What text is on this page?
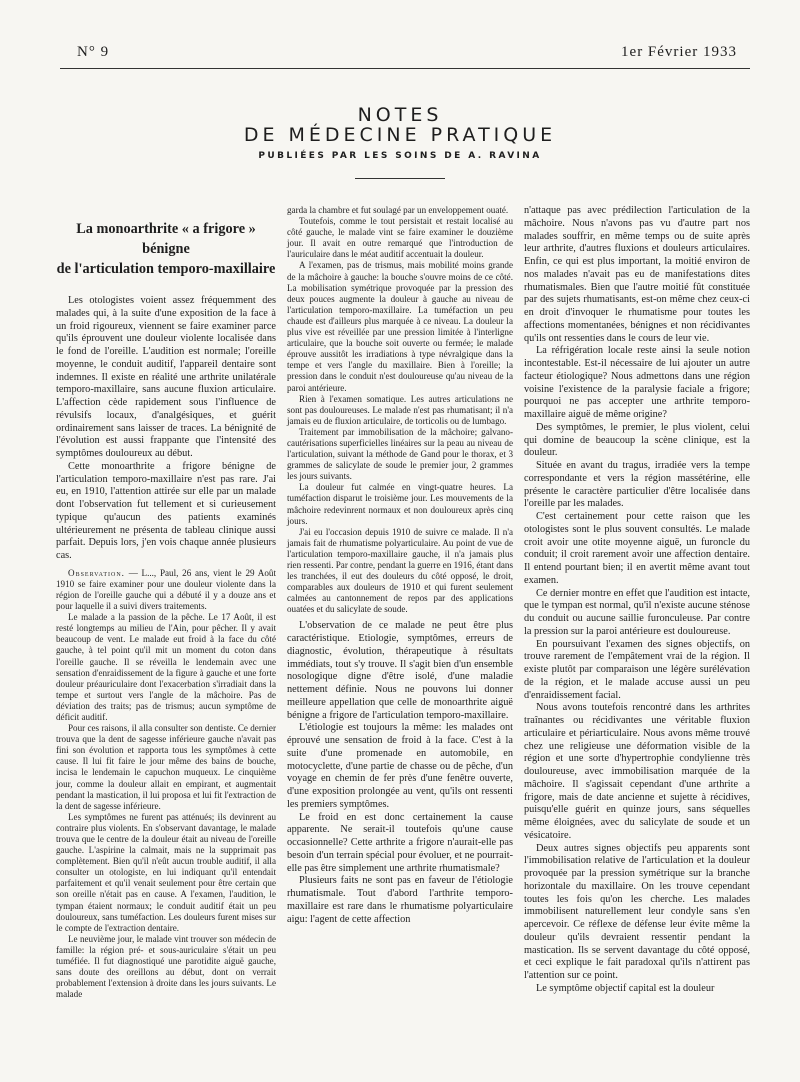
N° 9	1er Février 1933
NOTES
DE MÉDECINE PRATIQUE
PUBLIÉES PAR LES SOINS DE A. RAVINA
La monoarthrite « a frigore » bénigne
de l'articulation temporo-maxillaire

Les otologistes voient assez fréquemment des malades qui, à la suite d'une exposition de la face à un froid rigoureux, viennent se faire examiner parce qu'ils éprouvent une douleur violente localisée dans le fond de l'oreille. L'audition est normale; l'oreille moyenne, le conduit auditif, l'appareil dentaire sont indemnes. Il existe en réalité une arthrite unilatérale temporo-maxillaire, sans aucune fluxion articulaire. L'affection cède rapidement sous l'influence de révulsifs locaux, d'analgésiques, et guérit ordinairement sans laisser de traces. La bénignité de l'évolution est aussi frappante que l'intensité des symptômes douloureux au début.

Cette monoarthrite a frigore bénigne de l'articulation temporo-maxillaire n'est pas rare. J'ai eu, en 1910, l'attention attirée sur elle par un malade dont l'observation fut tellement et si curieusement typique qu'aucun des patients examinés ultérieurement ne présenta de tableau clinique aussi parfait. Depuis lors, j'en vois chaque année plusieurs cas.

Observation. — L..., Paul, 26 ans, vient le 29 Août 1910 se faire examiner pour une douleur violente dans la région de l'oreille gauche qui a débuté il y a douze ans et pour laquelle il a suivi divers traitements.

Le malade a la passion de la pêche. Le 17 Août, il est resté longtemps au milieu de l'Ain, pour pêcher. Il y avait beaucoup de vent. Le malade eut froid à la face du côté gauche, à tel point qu'il mit un moment du coton dans l'oreille gauche. Il se réveilla le lendemain avec une sensation d'enraidissement de la figure à gauche et une forte douleur préauriculaire dont l'exacerbation s'irradiait dans la tempe et surtout vers l'angle de la mâchoire. Pas de déviation des traits; pas de trismus; aucun symptôme de déficit auditif.

Pour ces raisons, il alla consulter son dentiste. Ce dernier trouva que la dent de sagesse inférieure gauche n'avait pas fini son évolution et rapporta tous les symptômes à cette cause. Il lui fit faire le jour même des bains de bouche, incisa le lendemain le capuchon muqueux. Le cinquième jour, comme la douleur allait en empirant, et augmentait pendant la mastication, il lui proposa et lui fit l'extraction de la dent de sagesse inférieure.

Les symptômes ne furent pas atténués; ils devinrent au contraire plus violents. En s'observant davantage, le malade trouva que le centre de la douleur était au niveau de l'oreille gauche. L'aspirine la calmait, mais ne la supprimait pas complètement. Bien qu'il n'eût aucun trouble auditif, il alla consulter un otologiste, en lui indiquant qu'il entendait parfaitement et qu'il venait seulement pour être certain que son oreille n'était pas en cause. A l'examen, l'audition, le tympan étaient normaux; le conduit auditif était un peu douloureux, sans tuméfaction. Les douleurs furent mises sur le compte de l'extraction dentaire.

Le neuvième jour, le malade vint trouver son médecin de famille: la région pré- et sous-auriculaire s'était un peu tuméfiée. Il fut diagnostiqué une parotidite aiguë gauche, sans doute des oreillons au début, dont on verrait probablement l'extension à droite dans les jours suivants. Le malade

garda la chambre et fut soulagé par un enveloppement ouaté.

Toutefois, comme le tout persistait et restait localisé au côté gauche, le malade vint se faire examiner le douzième jour. Il avait en outre remarqué que l'introduction de l'auriculaire dans le méat auditif accentuait la douleur.

A l'examen, pas de trismus, mais mobilité moins grande de la mâchoire à gauche: la bouche s'ouvre moins de ce côté. La mobilisation symétrique provoquée par la pression des deux pouces augmente la douleur à gauche au niveau de l'articulation temporo-maxillaire. La tuméfaction un peu chaude est d'ailleurs plus marquée à ce niveau. La douleur la plus vive est réveillée par une pression limitée à l'interligne articulaire, que la bouche soit ouverte ou fermée; le malade éprouve aussitôt les irradiations à type névralgique dans la tempe et vers l'angle du maxillaire. Bien à l'oreille; la pression dans le conduit n'est douloureuse qu'au niveau de la paroi antérieure.

Rien à l'examen somatique. Les autres articulations ne sont pas douloureuses. Le malade n'est pas rhumatisant; il n'a jamais eu de fluxion articulaire, de torticolis ou de lumbago.

Traitement par immobilisation de la mâchoire; galvano-cautérisations superficielles linéaires sur la peau au niveau de l'articulation, suivant la méthode de Gand pour le thorax, et 3 grammes de salicylate de soude le premier jour, 2 grammes les jours suivants.

La douleur fut calmée en vingt-quatre heures. La tuméfaction disparut le troisième jour. Les mouvements de la mâchoire redevinrent normaux et non douloureux après cinq jours.

J'ai eu l'occasion depuis 1910 de suivre ce malade. Il n'a jamais fait de rhumatisme polyarticulaire. Au point de vue de l'articulation temporo-maxillaire gauche, il n'a jamais plus rien ressenti. Par contre, pendant la guerre en 1916, étant dans les tranchées, il eut des douleurs du côté opposé, le droit, comparables aux douleurs de 1910 et qui furent seulement calmées au cantonnement de repos par des applications ouatées et du salicylate de soude.

L'observation de ce malade ne peut être plus caractéristique. Etiologie, symptômes, erreurs de diagnostic, évolution, thérapeutique à résultats immédiats, tout s'y trouve. Il s'agit bien d'un ensemble nosologique digne d'être isolé, d'une maladie nettement définie. Nous ne pouvons lui donner meilleure appellation que celle de monoarthrite aiguë bénigne a frigore de l'articulation temporo-maxillaire.

L'étiologie est toujours la même: les malades ont éprouvé une sensation de froid à la face. C'est à la suite d'une promenade en automobile, en motocyclette, d'une partie de chasse ou de pêche, d'un voyage en chemin de fer près d'une fenêtre ouverte, d'une exposition prolongée au vent, qu'ils ont ressenti les premiers symptômes.

Le froid en est donc certainement la cause apparente. Ne serait-il toutefois qu'une cause occasionnelle? Cette arthrite a frigore n'aurait-elle pas besoin d'un terrain spécial pour évoluer, et ne pourrait-elle pas être simplement une arthrite rhumatismale?

Plusieurs faits ne sont pas en faveur de l'étiologie rhumatismale. Tout d'abord l'arthrite temporo-maxillaire est rare dans le rhumatisme polyarticulaire aigu: l'agent de cette affection

n'attaque pas avec prédilection l'articulation de la mâchoire. Nous n'avons pas vu d'autre part nos malades souffrir, en même temps ou de suite après leur arthrite, d'autres fluxions et douleurs articulaires. Enfin, ce qui est plus important, la moitié environ de nos malades n'avait pas eu de manifestations dites rhumatismales. Bien que l'autre moitié fût constituée par des sujets rhumatisants, est-on même chez ceux-ci en droit d'invoquer le rhumatisme pour toutes les affections momentanées, bénignes et non récidivantes qu'ils ont ressenties dans le cours de leur vie.

La réfrigération locale reste ainsi la seule notion incontestable. Est-il nécessaire de lui ajouter un autre facteur étiologique? Nous admettons dans une région voisine l'existence de la paralysie faciale a frigore; pourquoi ne pas accepter une arthrite temporo-maxillaire aiguë de même origine?

Des symptômes, le premier, le plus violent, celui qui domine de beaucoup la scène clinique, est la douleur.

Située en avant du tragus, irradiée vers la tempe correspondante et vers la région massétérine, elle présente le caractère particulier d'être localisée dans l'oreille par les malades.

C'est certainement pour cette raison que les otologistes sont le plus souvent consultés. Le malade croit avoir une otite moyenne aiguë, un furoncle du conduit; il croit rarement avoir une affection dentaire. Il entend pourtant bien; il en avertit même avant tout examen.

Ce dernier montre en effet que l'audition est intacte, que le tympan est normal, qu'il n'existe aucune sténose du conduit ou aucune saillie furonculeuse. Par contre la pression sur la paroi antérieure est douloureuse.

En poursuivant l'examen des signes objectifs, on trouve rarement de l'empâtement vrai de la région. Il existe plutôt par comparaison une légère surélévation de la région, et le malade accuse aussi un peu d'enraidissement facial.

Nous avons toutefois rencontré dans les arthrites traînantes ou récidivantes une véritable fluxion articulaire et périarticulaire. Nous avons même trouvé chez une religieuse une déformation visible de la région et une sorte d'hypertrophie condylienne très douloureuse, avec immobilisation marquée de la mâchoire. Il s'agissait cependant d'une arthrite a frigore, mais de date ancienne et sujette à récidives, puisqu'elle guérit en quinze jours, sans séquelles même éloignées, avec du salicylate de soude et un vésicatoire.

Deux autres signes objectifs peu apparents sont l'immobilisation relative de l'articulation et la douleur provoquée par la pression symétrique sur la branche horizontale du maxillaire. On les trouve cependant toutes les fois qu'on les cherche. Les malades immobilisent naturellement leur condyle sans s'en apercevoir. Ce réflexe de défense leur évite même la douleur qu'ils devraient ressentir pendant la mastication. Ils se servent davantage du côté opposé, et ceci explique le fait paradoxal qu'ils n'attirent pas l'attention sur ce point.

Le symptôme objectif capital est la douleur
